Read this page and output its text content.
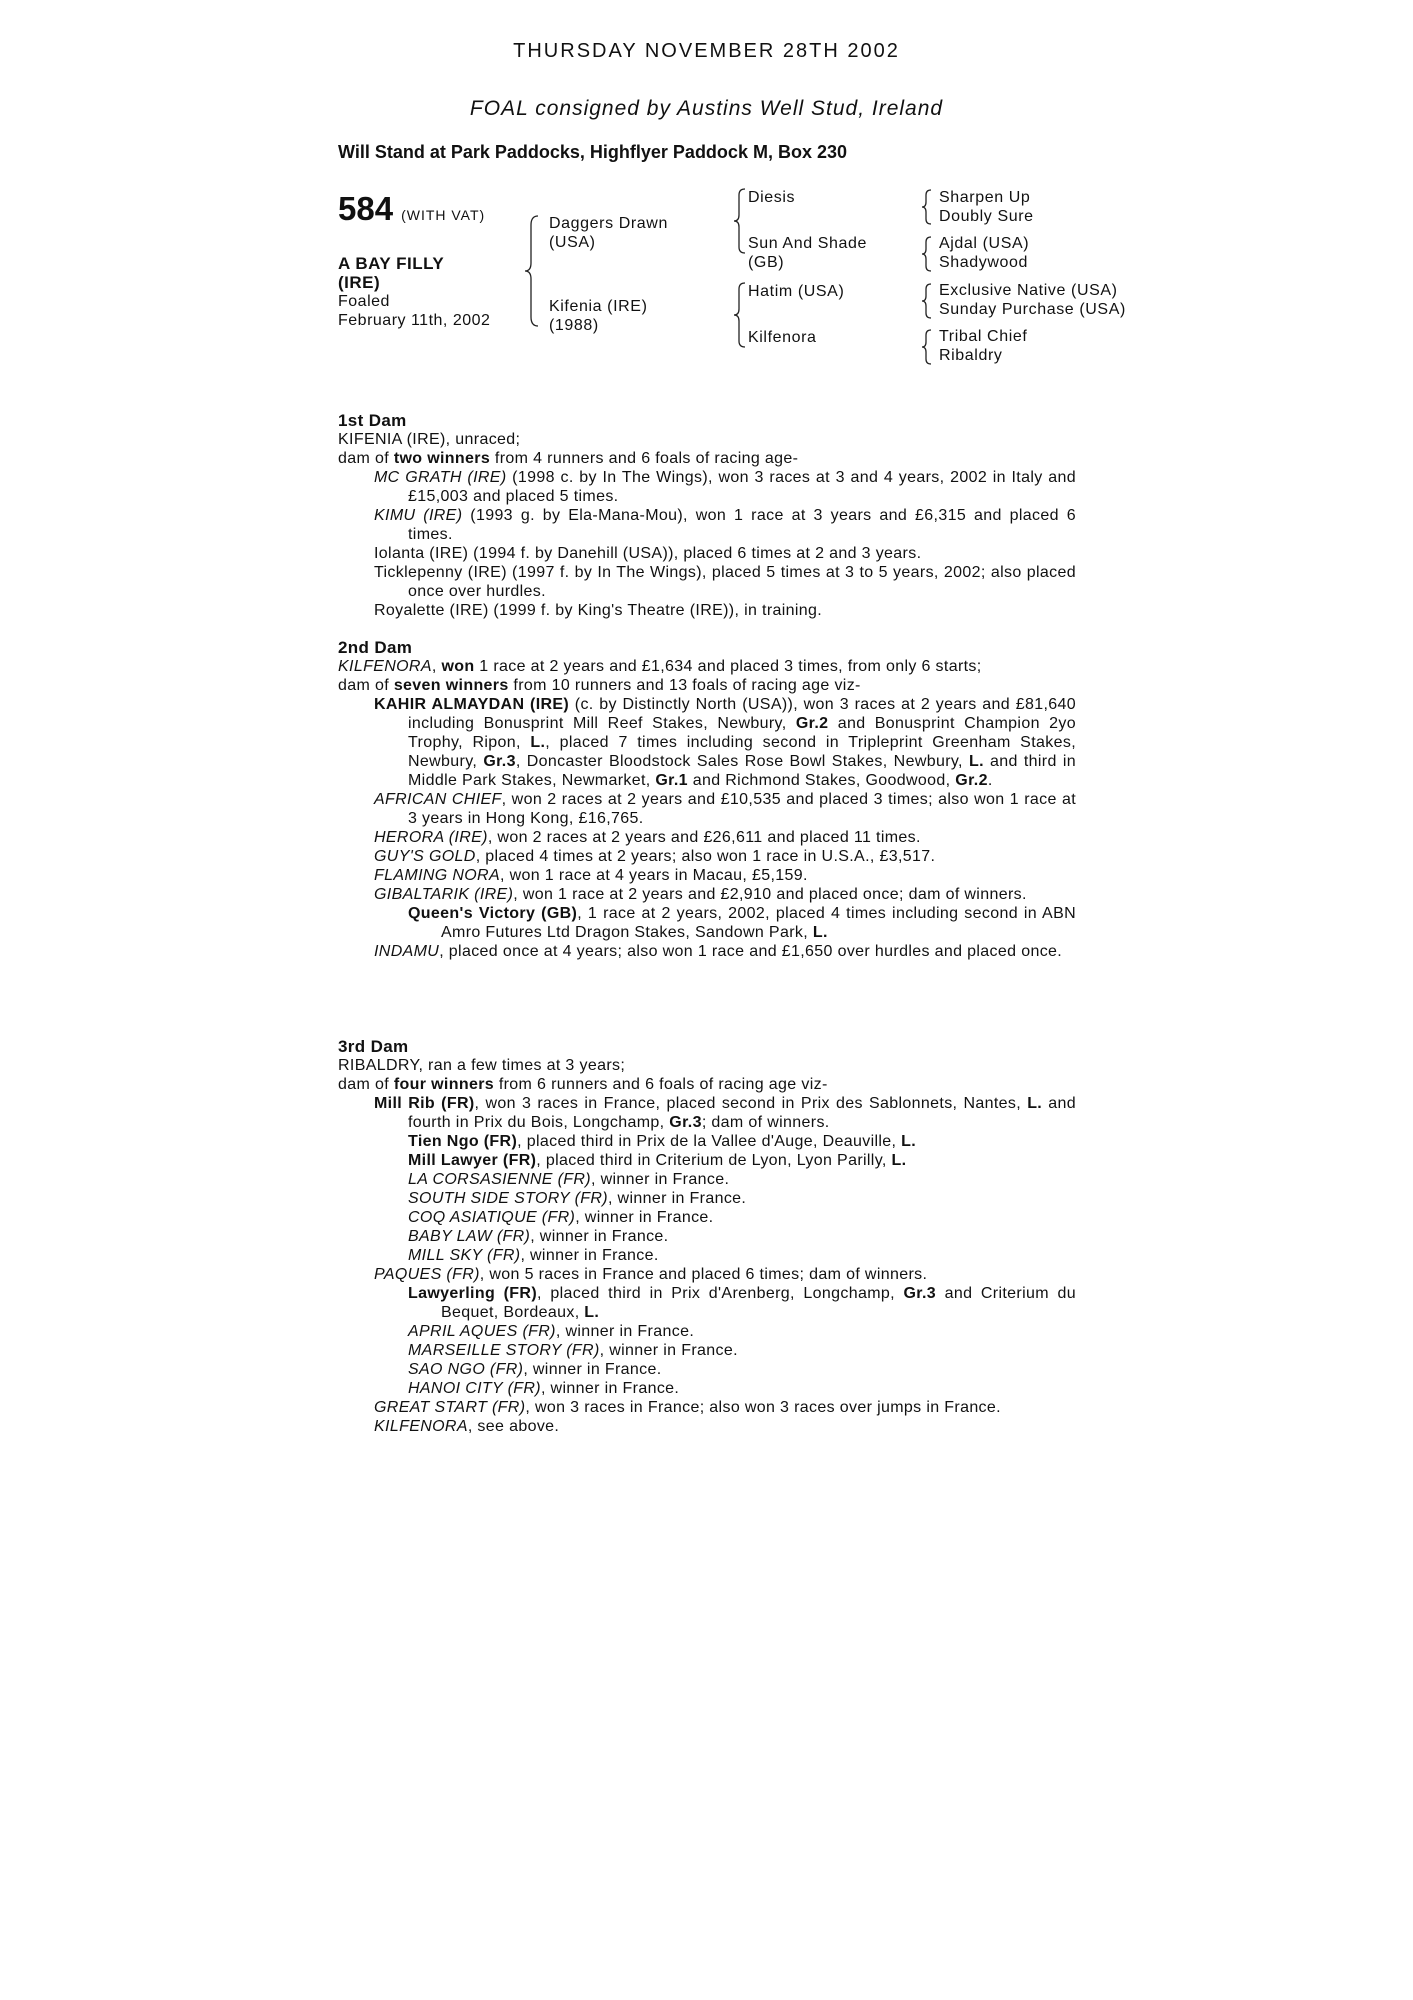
THURSDAY NOVEMBER 28TH 2002
FOAL consigned by Austins Well Stud, Ireland
Will Stand at Park Paddocks, Highflyer Paddock M, Box 230
584 (WITH VAT)
A BAY FILLY
(IRE)
Foaled
February 11th, 2002
Daggers Drawn
(USA)
Kifenia (IRE)
(1988)
Diesis
Sun And Shade
(GB)
Hatim (USA)
Kilfenora
Sharpen Up
Doubly Sure
Ajdal (USA)
Shadywood
Exclusive Native (USA)
Sunday Purchase (USA)
Tribal Chief
Ribaldry
1st Dam
KIFENIA (IRE), unraced;
dam of two winners from 4 runners and 6 foals of racing age-
MC GRATH (IRE) (1998 c. by In The Wings), won 3 races at 3 and 4 years, 2002 in Italy and £15,003 and placed 5 times.
KIMU (IRE) (1993 g. by Ela-Mana-Mou), won 1 race at 3 years and £6,315 and placed 6 times.
Iolanta (IRE) (1994 f. by Danehill (USA)), placed 6 times at 2 and 3 years.
Ticklepenny (IRE) (1997 f. by In The Wings), placed 5 times at 3 to 5 years, 2002; also placed once over hurdles.
Royalette (IRE) (1999 f. by King's Theatre (IRE)), in training.
2nd Dam
KILFENORA, won 1 race at 2 years and £1,634 and placed 3 times, from only 6 starts;
dam of seven winners from 10 runners and 13 foals of racing age viz-
KAHIR ALMAYDAN (IRE) (c. by Distinctly North (USA)), won 3 races at 2 years and £81,640 including Bonusprint Mill Reef Stakes, Newbury, Gr.2 and Bonusprint Champion 2yo Trophy, Ripon, L., placed 7 times including second in Tripleprint Greenham Stakes, Newbury, Gr.3, Doncaster Bloodstock Sales Rose Bowl Stakes, Newbury, L. and third in Middle Park Stakes, Newmarket, Gr.1 and Richmond Stakes, Goodwood, Gr.2.
AFRICAN CHIEF, won 2 races at 2 years and £10,535 and placed 3 times; also won 1 race at 3 years in Hong Kong, £16,765.
HERORA (IRE), won 2 races at 2 years and £26,611 and placed 11 times.
GUY'S GOLD, placed 4 times at 2 years; also won 1 race in U.S.A., £3,517.
FLAMING NORA, won 1 race at 4 years in Macau, £5,159.
GIBALTARIK (IRE), won 1 race at 2 years and £2,910 and placed once; dam of winners.
Queen's Victory (GB), 1 race at 2 years, 2002, placed 4 times including second in ABN Amro Futures Ltd Dragon Stakes, Sandown Park, L.
INDAMU, placed once at 4 years; also won 1 race and £1,650 over hurdles and placed once.
3rd Dam
RIBALDRY, ran a few times at 3 years;
dam of four winners from 6 runners and 6 foals of racing age viz-
Mill Rib (FR), won 3 races in France, placed second in Prix des Sablonnets, Nantes, L. and fourth in Prix du Bois, Longchamp, Gr.3; dam of winners.
Tien Ngo (FR), placed third in Prix de la Vallee d'Auge, Deauville, L.
Mill Lawyer (FR), placed third in Criterium de Lyon, Lyon Parilly, L.
LA CORSASIENNE (FR), winner in France.
SOUTH SIDE STORY (FR), winner in France.
COQ ASIATIQUE (FR), winner in France.
BABY LAW (FR), winner in France.
MILL SKY (FR), winner in France.
PAQUES (FR), won 5 races in France and placed 6 times; dam of winners.
Lawyerling (FR), placed third in Prix d'Arenberg, Longchamp, Gr.3 and Criterium du Bequet, Bordeaux, L.
APRIL AQUES (FR), winner in France.
MARSEILLE STORY (FR), winner in France.
SAO NGO (FR), winner in France.
HANOI CITY (FR), winner in France.
GREAT START (FR), won 3 races in France; also won 3 races over jumps in France.
KILFENORA, see above.
